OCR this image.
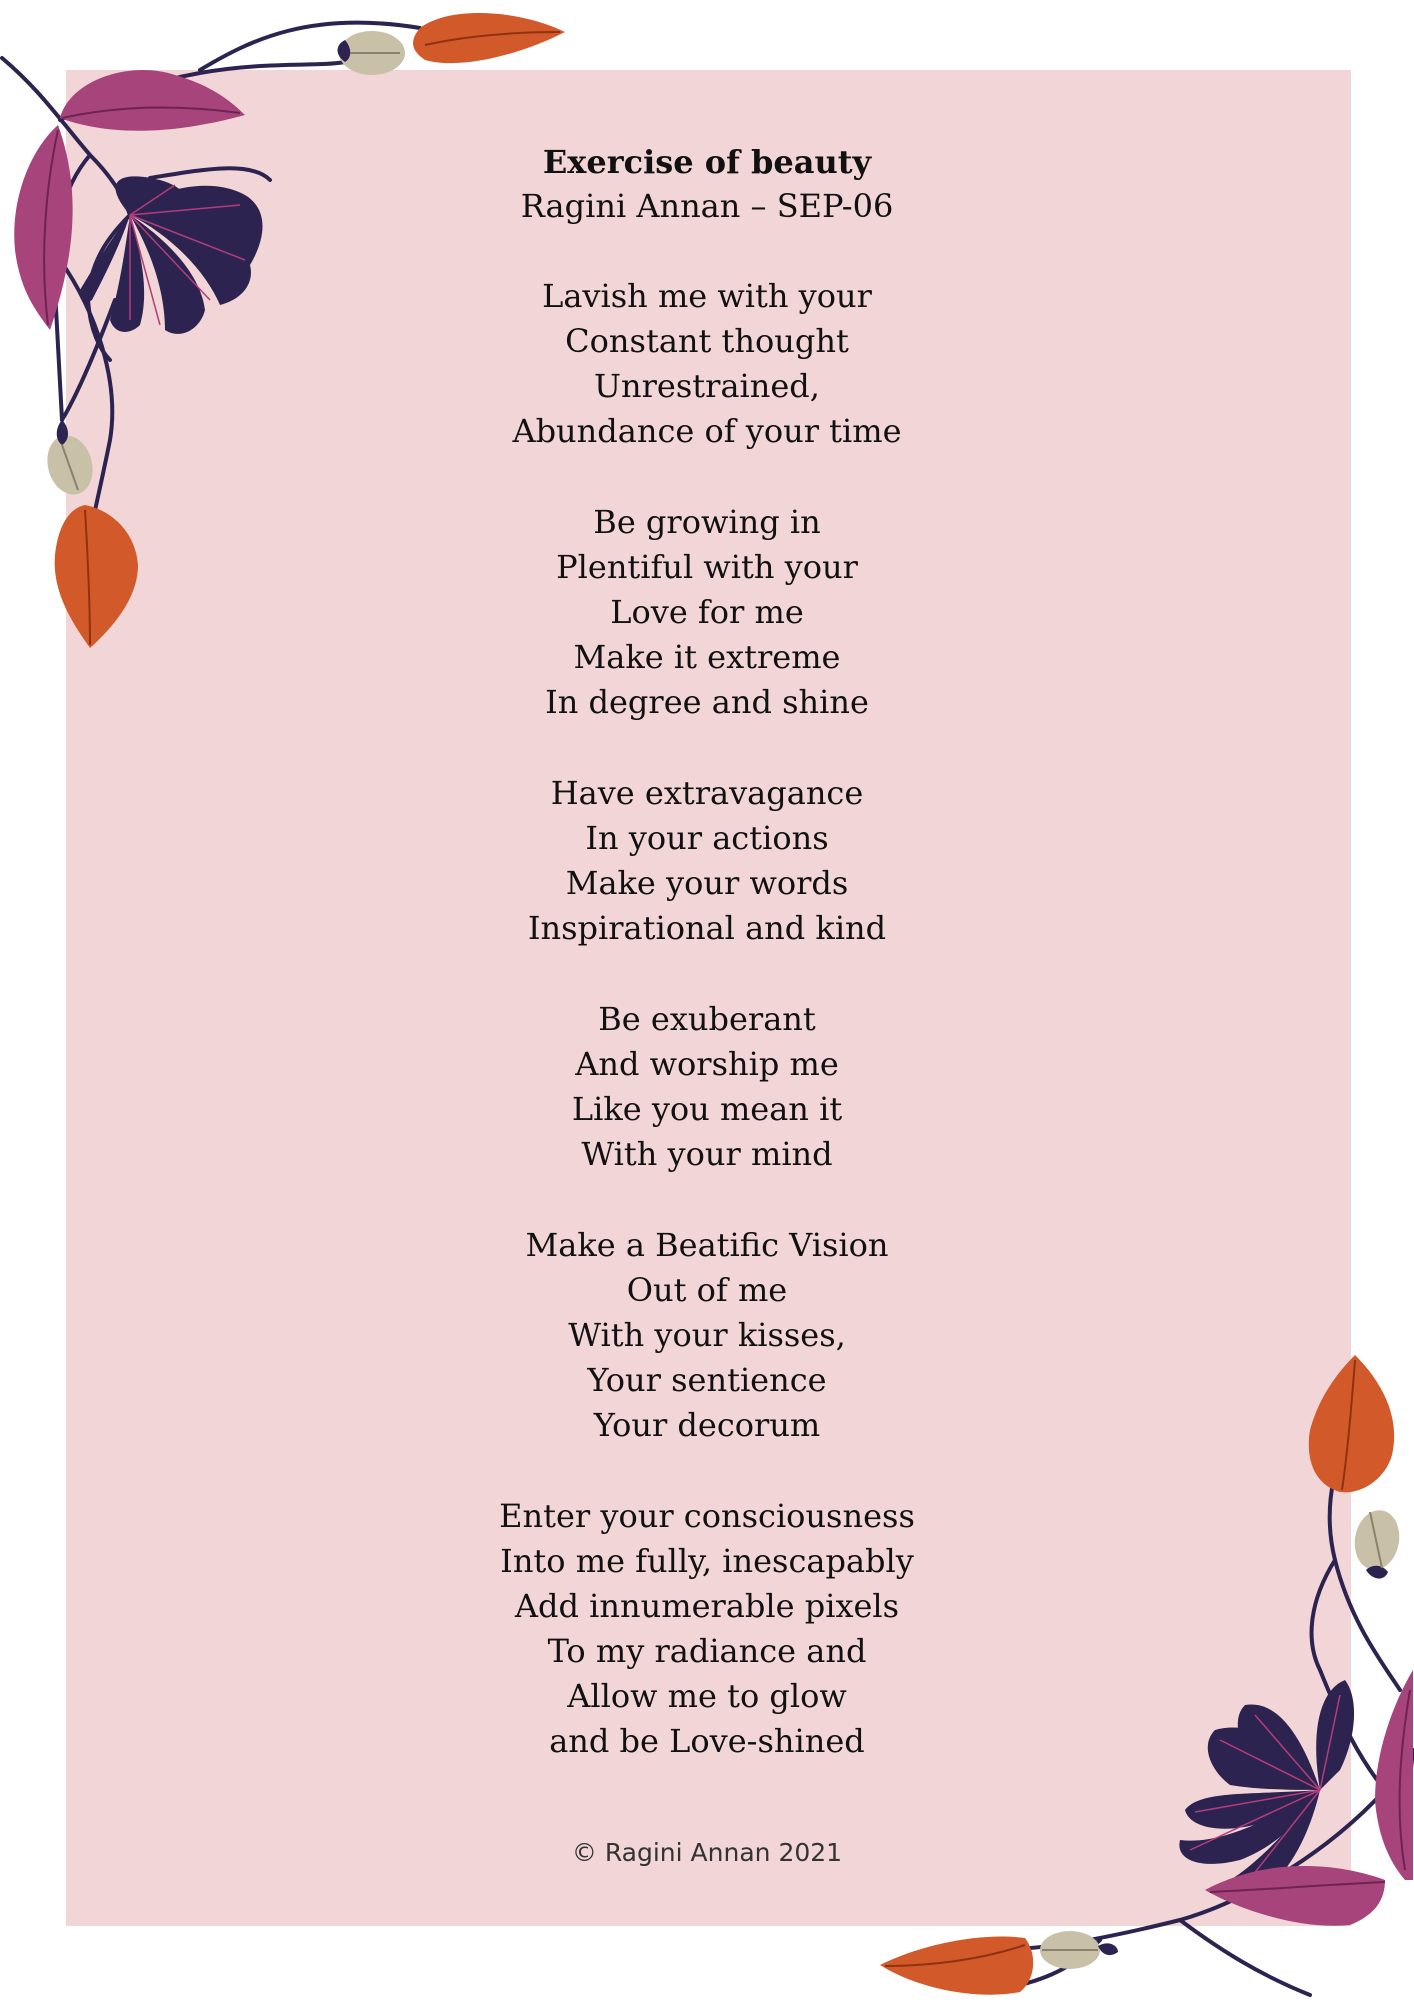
Exercise of beauty
Ragini Annan – SEP-06
Lavish me with your
Constant thought
Unrestrained,
Abundance of your time
Be growing in
Plentiful with your
Love for me
Make it extreme
In degree and shine
Have extravagance
In your actions
Make your words
Inspirational and kind
Be exuberant
And worship me
Like you mean it
With your mind
Make a Beatific Vision
Out of me
With your kisses,
Your sentience
Your decorum
Enter your consciousness
Into me fully, inescapably
Add innumerable pixels
To my radiance and
Allow me to glow
and be Love-shined
© Ragini Annan 2021
